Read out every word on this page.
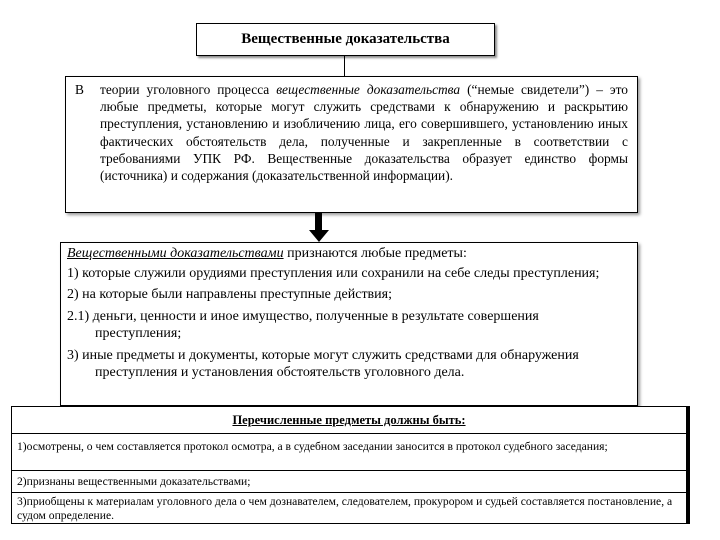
Вещественные доказательства
В теории уголовного процесса вещественные доказательства (“немые свидетели”) – это любые предметы, которые могут служить средствами к обнаружению и раскрытию преступления, установлению и изобличению лица, его совершившего, установлению иных фактических обстоятельств дела, полученные и закрепленные в соответствии с требованиями УПК РФ. Вещественные доказательства образует единство формы (источника) и содержания (доказательственной информации).

Вещественными доказательствами признаются любые предметы:

1) которые служили орудиями преступления или сохранили на себе следы преступления;

2) на которые были направлены преступные действия;

2.1) деньги, ценности и иное имущество, полученные в результате совершения преступления;

3) иные предметы и документы, которые могут служить средствами для обнаружения преступления и установления обстоятельств уголовного дела.

Перечисленные предметы должны быть:
1)осмотрены, о чем составляется протокол осмотра, а в судебном заседании заносится в протокол судебного заседания;
2)признаны вещественными доказательствами;
3)приобщены к материалам уголовного дела о чем дознавателем, следователем, прокурором и судьей составляется постановление, а судом определение.
